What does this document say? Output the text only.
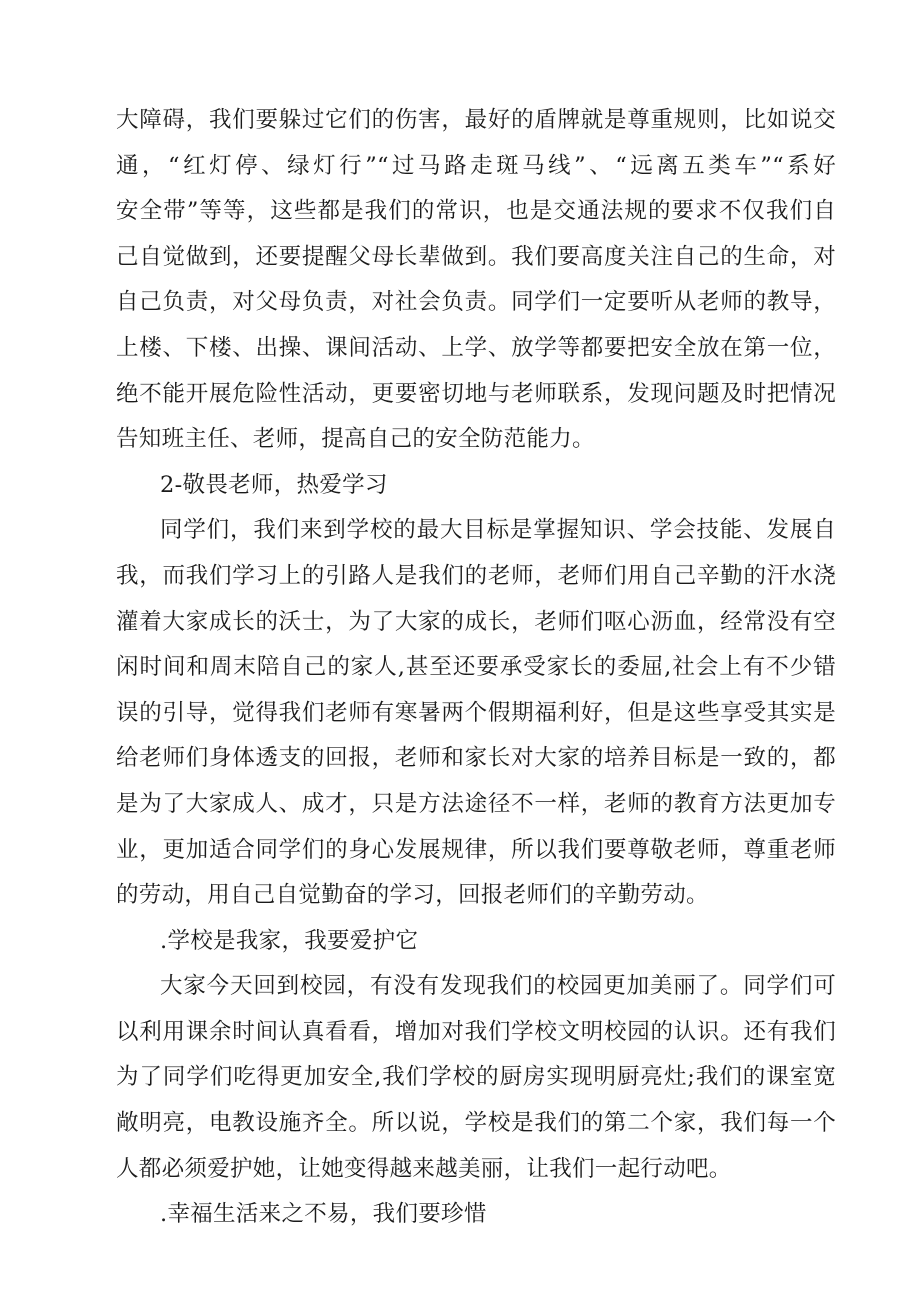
大障碍，我们要躲过它们的伤害，最好的盾牌就是尊重规则，比如说交
通，“红灯停、绿灯行”“过马路走斑马线”、“远离五类车”“系好
安全带”等等，这些都是我们的常识，也是交通法规的要求不仅我们自
己自觉做到，还要提醒父母长辈做到。我们要高度关注自己的生命，对
自己负责，对父母负责，对社会负责。同学们一定要听从老师的教导，
上楼、下楼、出操、课间活动、上学、放学等都要把安全放在第一位，
绝不能开展危险性活动，更要密切地与老师联系，发现问题及时把情况
告知班主任、老师，提高自己的安全防范能力。
2-敬畏老师，热爱学习
同学们，我们来到学校的最大目标是掌握知识、学会技能、发展自
我，而我们学习上的引路人是我们的老师，老师们用自己辛勤的汗水浇
灌着大家成长的沃士，为了大家的成长，老师们呕心沥血，经常没有空
闲时间和周末陪自己的家人,甚至还要承受家长的委屈,社会上有不少错
误的引导，觉得我们老师有寒暑两个假期福利好，但是这些享受其实是
给老师们身体透支的回报，老师和家长对大家的培养目标是一致的，都
是为了大家成人、成才，只是方法途径不一样，老师的教育方法更加专
业，更加适合同学们的身心发展规律，所以我们要尊敬老师，尊重老师
的劳动，用自己自觉勤奋的学习，回报老师们的辛勤劳动。
.学校是我家，我要爱护它
大家今天回到校园，有没有发现我们的校园更加美丽了。同学们可
以利用课余时间认真看看，增加对我们学校文明校园的认识。还有我们
为了同学们吃得更加安全,我们学校的厨房实现明厨亮灶;我们的课室宽
敞明亮，电教设施齐全。所以说，学校是我们的第二个家，我们每一个
人都必须爱护她，让她变得越来越美丽，让我们一起行动吧。
.幸福生活来之不易，我们要珍惜
